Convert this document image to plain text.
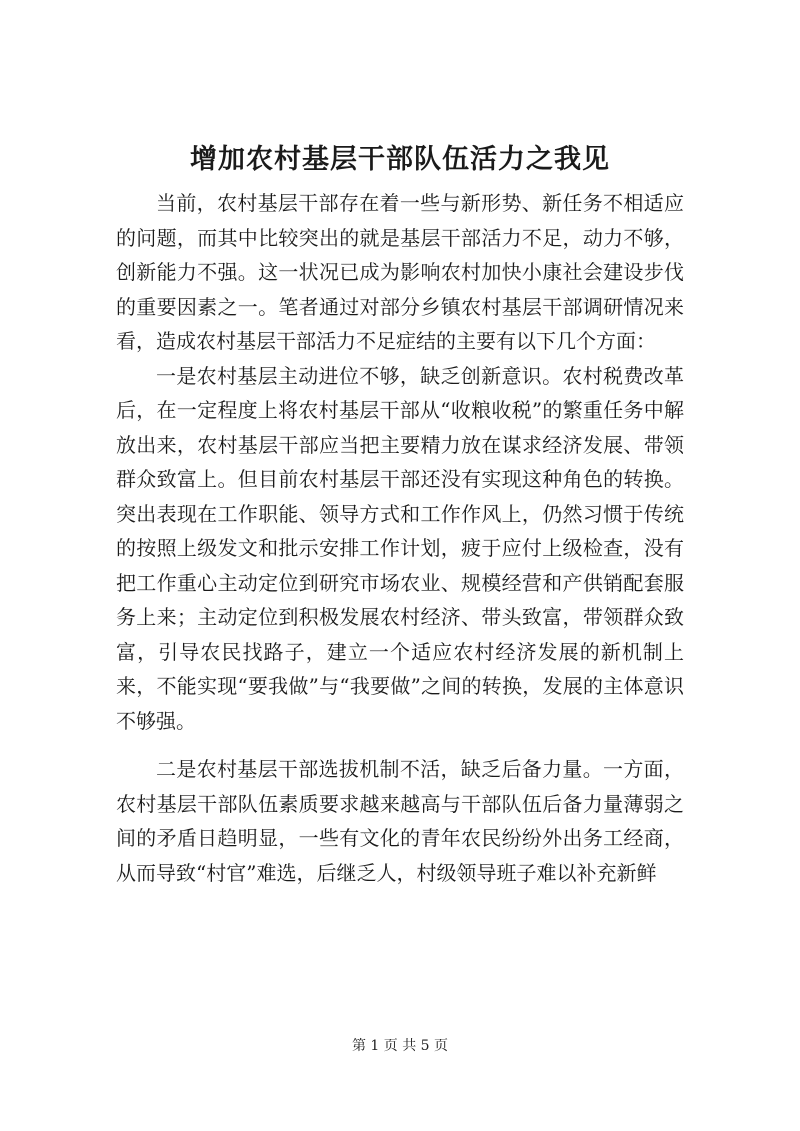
增加农村基层干部队伍活力之我见

当前，农村基层干部存在着一些与新形势、新任务不相适应的问题，而其中比较突出的就是基层干部活力不足，动力不够，创新能力不强。这一状况已成为影响农村加快小康社会建设步伐的重要因素之一。笔者通过对部分乡镇农村基层干部调研情况来看，造成农村基层干部活力不足症结的主要有以下几个方面：

一是农村基层主动进位不够，缺乏创新意识。农村税费改革后，在一定程度上将农村基层干部从“收粮收税”的繁重任务中解放出来，农村基层干部应当把主要精力放在谋求经济发展、带领群众致富上。但目前农村基层干部还没有实现这种角色的转换。突出表现在工作职能、领导方式和工作作风上，仍然习惯于传统的按照上级发文和批示安排工作计划，疲于应付上级检查，没有把工作重心主动定位到研究市场农业、规模经营和产供销配套服务上来；主动定位到积极发展农村经济、带头致富，带领群众致富，引导农民找路子，建立一个适应农村经济发展的新机制上来，不能实现“要我做”与“我要做”之间的转换，发展的主体意识不够强。

二是农村基层干部选拔机制不活，缺乏后备力量。一方面，农村基层干部队伍素质要求越来越高与干部队伍后备力量薄弱之间的矛盾日趋明显，一些有文化的青年农民纷纷外出务工经商，从而导致“村官”难选，后继乏人，村级领导班子难以补充新鲜

第 1 页 共 5 页
